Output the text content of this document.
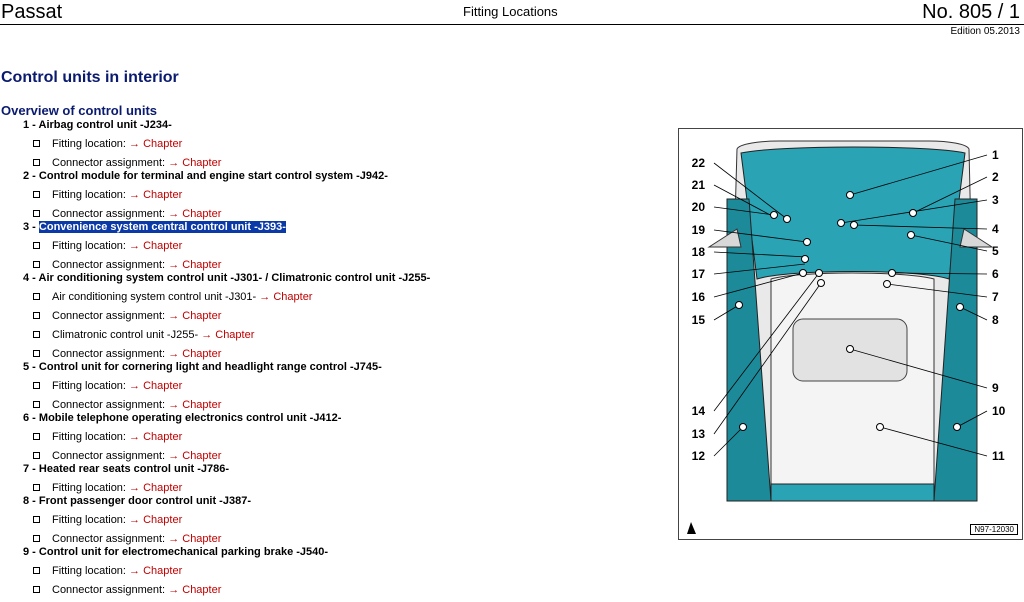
Passat	Fitting Locations	No. 805 / 1
Edition 05.2013
Control units in interior
Overview of control units
1 - Airbag control unit -J234-
Fitting location: → Chapter
Connector assignment: → Chapter
2 - Control module for terminal and engine start control system -J942-
Fitting location: → Chapter
Connector assignment: → Chapter
3 - Convenience system central control unit -J393-
Fitting location: → Chapter
Connector assignment: → Chapter
4 - Air conditioning system control unit -J301- / Climatronic control unit -J255-
Air conditioning system control unit -J301- → Chapter
Connector assignment: → Chapter
Climatronic control unit -J255- → Chapter
Connector assignment: → Chapter
5 - Control unit for cornering light and headlight range control -J745-
Fitting location: → Chapter
Connector assignment: → Chapter
6 - Mobile telephone operating electronics control unit -J412-
Fitting location: → Chapter
Connector assignment: → Chapter
7 - Heated rear seats control unit -J786-
Fitting location: → Chapter
8 - Front passenger door control unit -J387-
Fitting location: → Chapter
Connector assignment: → Chapter
9 - Control unit for electromechanical parking brake -J540-
Fitting location: → Chapter
Connector assignment: → Chapter
22
21
20
19
18
17
16
15
14
13
12
1
2
3
4
5
6
7
8
9
10
11
N97-12030
